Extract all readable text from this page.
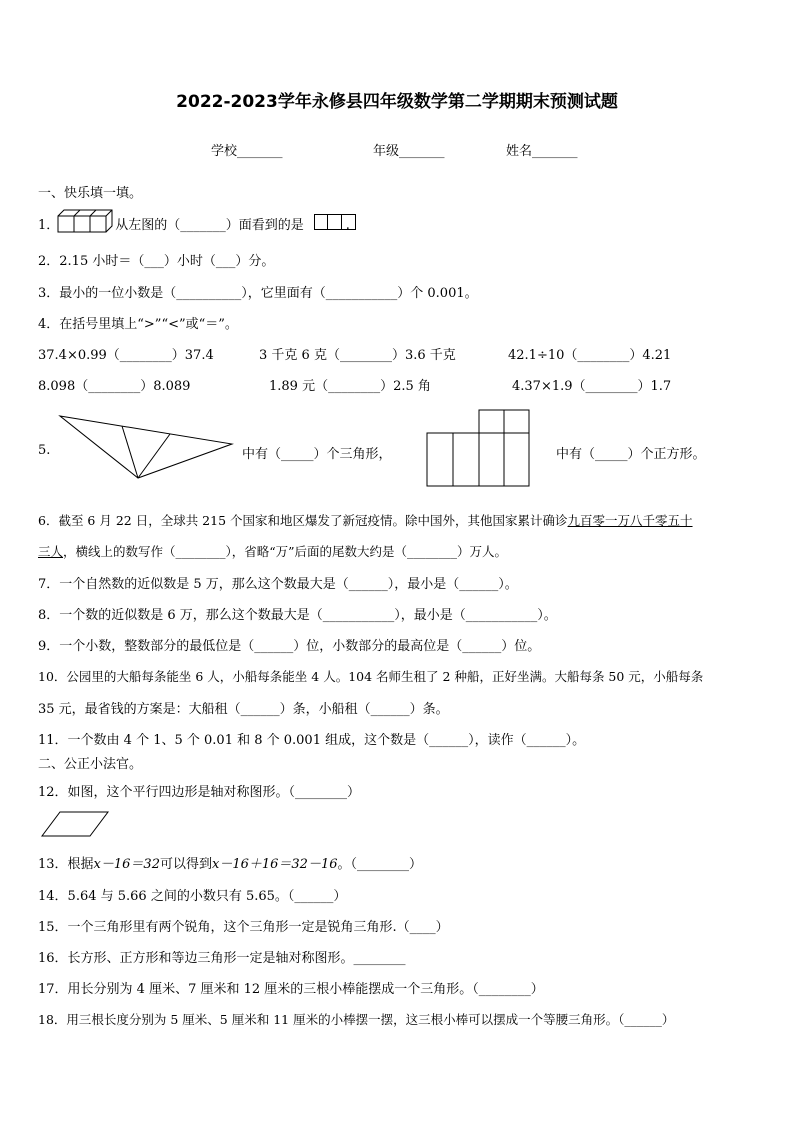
2022-2023学年永修县四年级数学第二学期期末预测试题
学校_______	年级_______	姓名_______
一、快乐填一填。
1．	从左图的（_______）面看到的是	.
2．2.15 小时＝（___）小时（___）分。
3．最小的一位小数是（__________），它里面有（___________）个 0.001。
4．在括号里填上“>”“<”或“＝”。
37.4×0.99（________）37.4	3 千克 6 克（________）3.6 千克	42.1÷10（________）4.21
8.098（________）8.089	1.89 元（________）2.5 角	4.37×1.9（________）1.7
5.	中有（_____）个三角形，	中有（_____）个正方形。
6．截至 6 月 22 日，全球共 215 个国家和地区爆发了新冠疫情。除中国外，其他国家累计确诊九百零一万八千零五十
三人，横线上的数写作（________），省略“万”后面的尾数大约是（________）万人。
7．一个自然数的近似数是 5 万，那么这个数最大是（______），最小是（______）。
8．一个数的近似数是 6 万，那么这个数最大是（___________），最小是（___________）。
9．一个小数，整数部分的最低位是（______）位，小数部分的最高位是（______）位。
10．公园里的大船每条能坐 6 人，小船每条能坐 4 人。104 名师生租了 2 种船，正好坐满。大船每条 50 元，小船每条
35 元，最省钱的方案是：大船租（______）条，小船租（______）条。
11．一个数由 4 个 1、5 个 0.01 和 8 个 0.001 组成，这个数是（______），读作（______）。
二、公正小法官。
12．如图，这个平行四边形是轴对称图形。（________）
13．根据x－16＝32可以得到x－16＋16＝32－16。（________）
14．5.64 与 5.66 之间的小数只有 5.65。（______）
15．一个三角形里有两个锐角，这个三角形一定是锐角三角形.（____）
16．长方形、正方形和等边三角形一定是轴对称图形。________
17．用长分别为 4 厘米、7 厘米和 12 厘米的三根小棒能摆成一个三角形。（________）
18．用三根长度分别为 5 厘米、5 厘米和 11 厘米的小棒摆一摆，这三根小棒可以摆成一个等腰三角形。（______）
